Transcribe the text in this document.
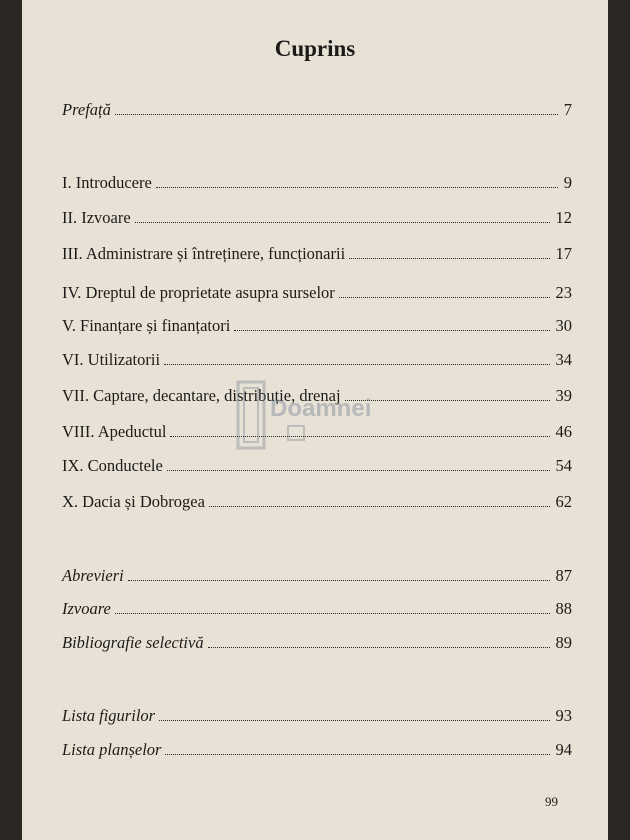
Cuprins
Prefață	7
I. Introducere	9
II. Izvoare	12
III. Administrare și întreținere, funcționarii	17
IV. Dreptul de proprietate asupra surselor	23
V. Finanțare și finanțatori	30
VI. Utilizatorii	34
VII. Captare, decantare, distribuție, drenaj	39
VIII. Apeductul	46
IX. Conductele	54
X. Dacia și Dobrogea	62
Abrevieri	87
Izvoare	88
Bibliografie selectivă	89
Lista figurilor	93
Lista planșelor	94
99
Doamnei
